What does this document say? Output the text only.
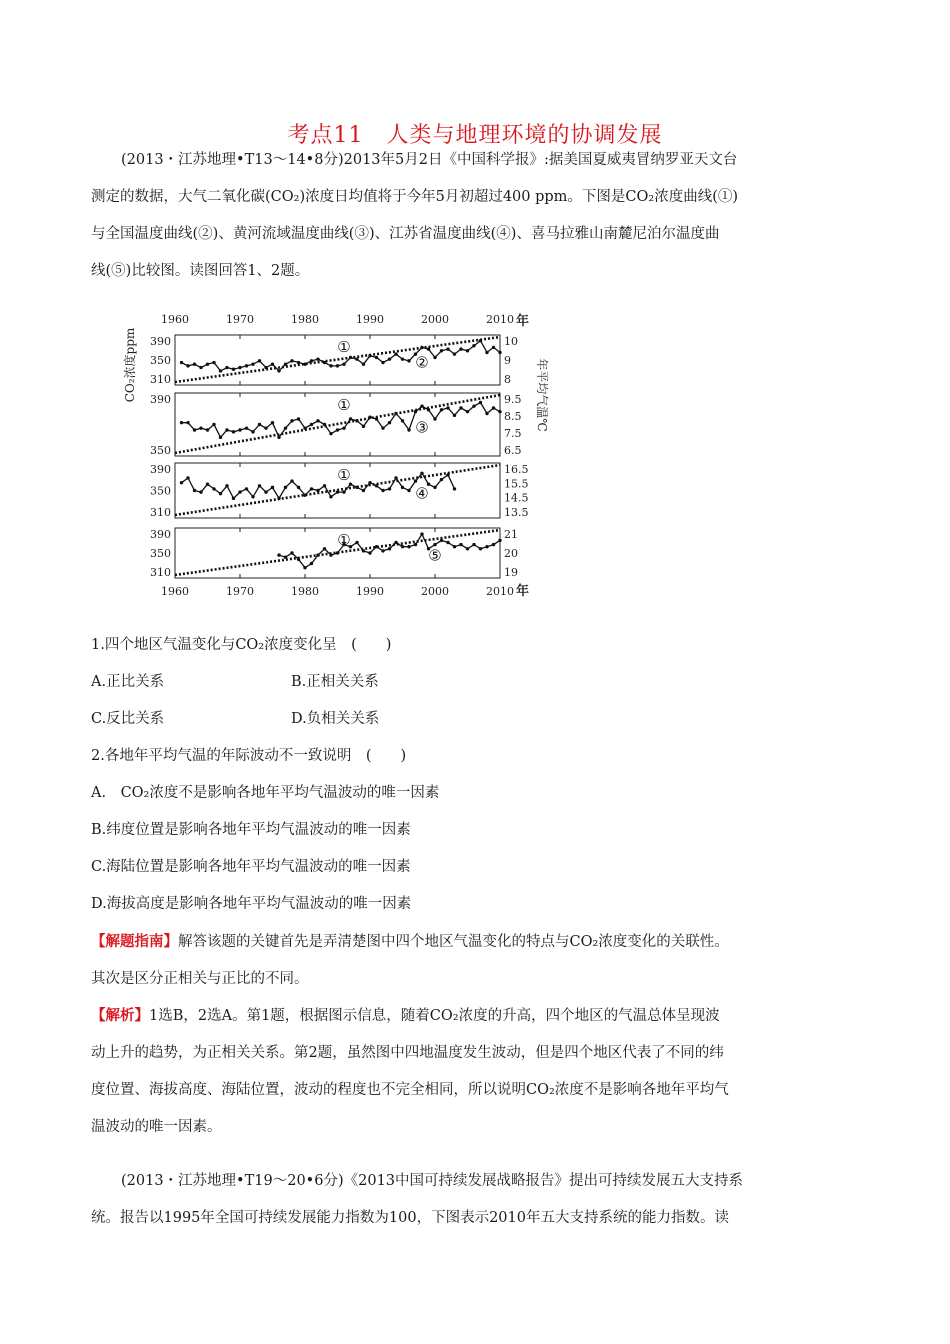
考点11　人类与地理环境的协调发展
(2013・江苏地理•T13～14•8分)2013年5月2日《中国科学报》:据美国夏威夷冒纳罗亚天文台
测定的数据，大气二氧化碳(CO₂)浓度日均值将于今年5月初超过400 ppm。下图是CO₂浓度曲线(①)
与全国温度曲线(②)、黄河流域温度曲线(③)、江苏省温度曲线(④)、喜马拉雅山南麓尼泊尔温度曲
线(⑤)比较图。读图回答1、2题。
1960
1960
1970
1970
1980
1980
1990
1990
2000
2000
2010
2010
年
年
CO₂浓度ppm	年平均气温℃
390
350
310
10
9
8
①
②
390
350
9.5
8.5
7.5
6.5
①
③
390
350
310
16.5
15.5
14.5
13.5
①
④
390
350
310
21
20
19
①
⑤
1.四个地区气温变化与CO₂浓度变化呈　(　　)
A.正比关系	B.正相关关系
C.反比关系	D.负相关关系
2.各地年平均气温的年际波动不一致说明　(　　)
A.　CO₂浓度不是影响各地年平均气温波动的唯一因素
B.纬度位置是影响各地年平均气温波动的唯一因素
C.海陆位置是影响各地年平均气温波动的唯一因素
D.海拔高度是影响各地年平均气温波动的唯一因素
【解题指南】解答该题的关键首先是弄清楚图中四个地区气温变化的特点与CO₂浓度变化的关联性。
其次是区分正相关与正比的不同。
【解析】1选B，2选A。第1题，根据图示信息，随着CO₂浓度的升高，四个地区的气温总体呈现波
动上升的趋势，为正相关关系。第2题，虽然图中四地温度发生波动，但是四个地区代表了不同的纬
度位置、海拔高度、海陆位置，波动的程度也不完全相同，所以说明CO₂浓度不是影响各地年平均气
温波动的唯一因素。
(2013・江苏地理•T19～20•6分)《2013中国可持续发展战略报告》提出可持续发展五大支持系
统。报告以1995年全国可持续发展能力指数为100，下图表示2010年五大支持系统的能力指数。读
